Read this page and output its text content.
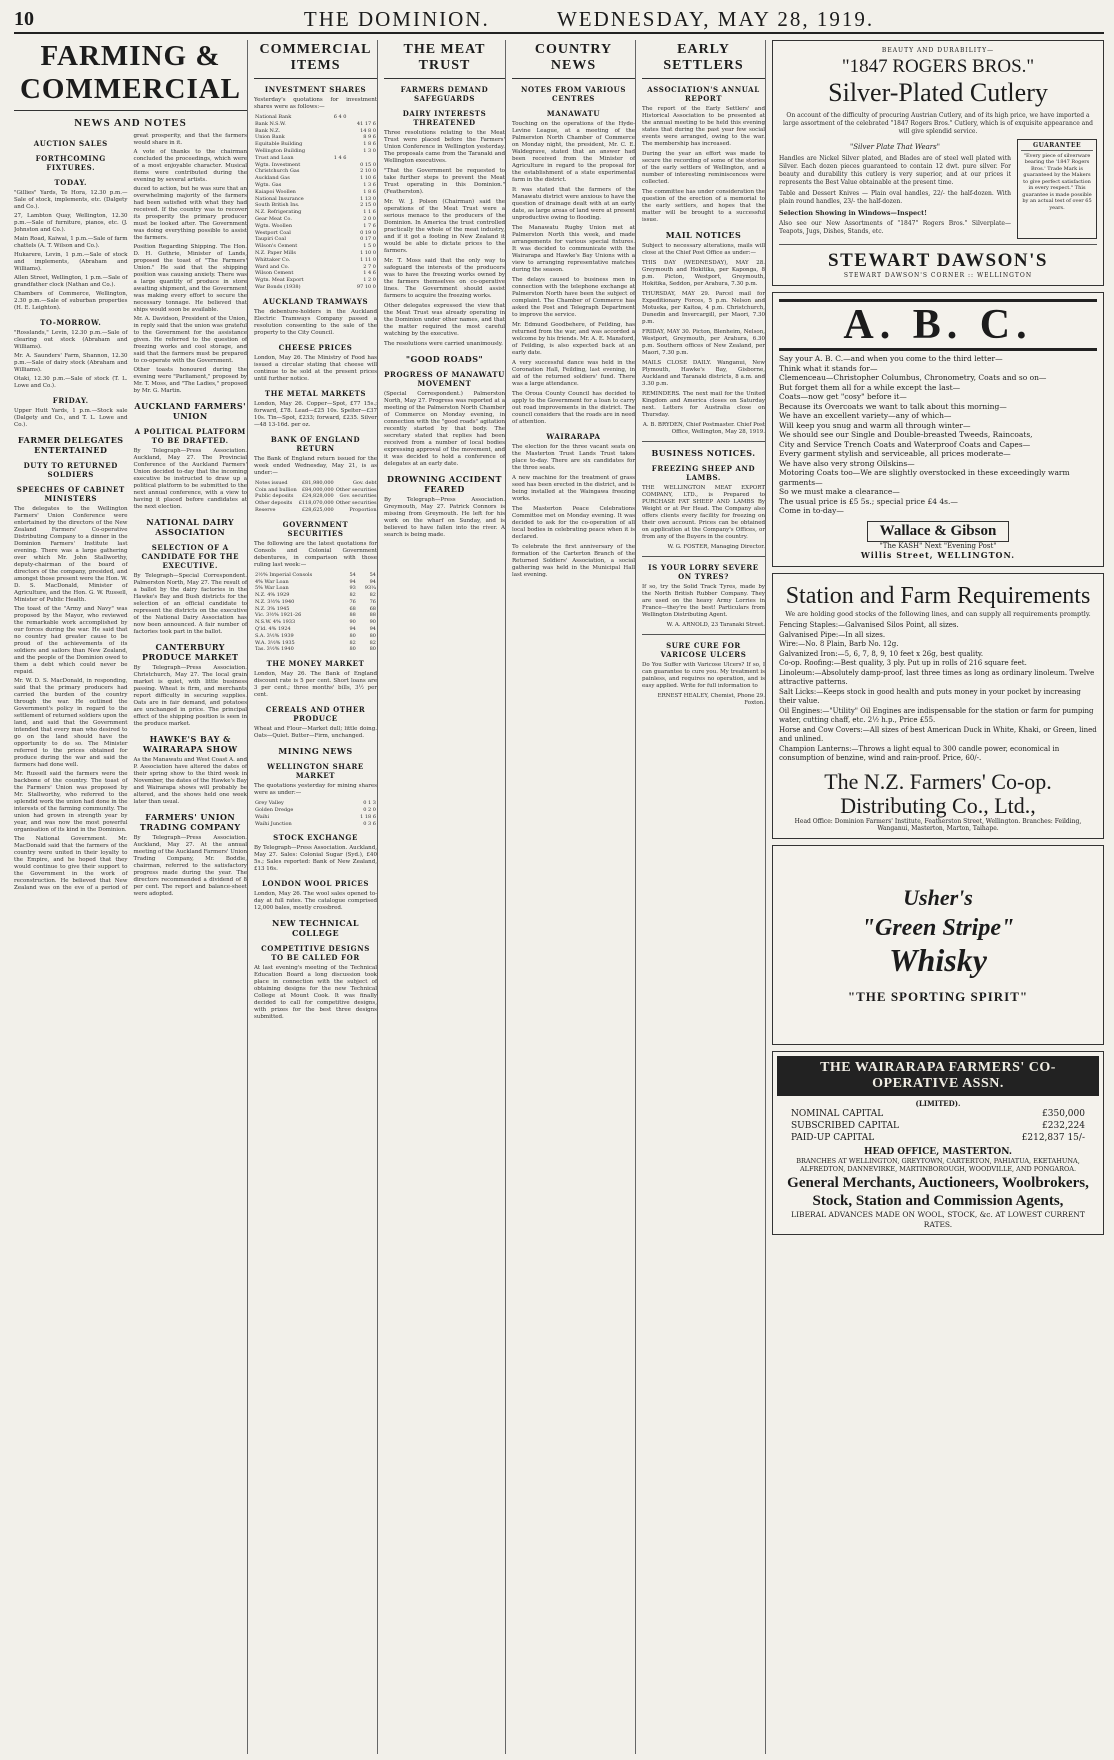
10	THE DOMINION.	WEDNESDAY, MAY 28, 1919.
FARMING & COMMERCIAL
NEWS AND NOTES
AUCTION SALES
FORTHCOMING FIXTURES.
TODAY.

"Gillies" Yards, Te Hora, 12.30 p.m.—Sale of stock, implements, etc. (Dalgety and Co.).

27, Lambton Quay, Wellington, 12.30 p.m.—Sale of furniture, pianos, etc. (J. Johnston and Co.).

Main Road, Kaiwai, 1 p.m.—Sale of farm chattels (A. T. Wilson and Co.).

Hukarere, Levin, 1 p.m.—Sale of stock and implements, (Abraham and Williams).

Allen Street, Wellington, 1 p.m.—Sale of grandfather clock (Nathan and Co.).

Chambers of Commerce, Wellington, 2.30 p.m.—Sale of suburban properties (H. E. Leighton).

TO-MORROW.

"Rosslands," Levin, 12.30 p.m.—Sale of clearing out stock (Abraham and Williams).

Mr. A. Saunders' Farm, Shannon, 12.30 p.m.—Sale of dairy stock (Abraham and Williams).

Otaki, 12.30 p.m.—Sale of stock (T. L. Lowe and Co.).

FRIDAY.

Upper Hutt Yards, 1 p.m.—Stock sale (Dalgety and Co., and T. L. Lowe and Co.).

FARMER DELEGATES ENTERTAINED
DUTY TO RETURNED SOLDIERS
SPEECHES OF CABINET MINISTERS

The delegates to the Wellington Farmers' Union Conference were entertained by the directors of the New Zealand Farmers' Co-operative Distributing Company to a dinner in the Dominion Farmers' Institute last evening. There was a large gathering over which Mr. John Stallworthy, deputy-chairman of the board of directors of the company, presided, and amongst those present were the Hon. W. D. S. MacDonald, Minister of Agriculture, and the Hon. G. W. Russell, Minister of Public Health.

The toast of the "Army and Navy" was proposed by the Mayor, who reviewed the remarkable work accomplished by our forces during the war. He said that no country had greater cause to be proud of the achievements of its soldiers and sailors than New Zealand, and the people of the Dominion owed to them a debt which could never be repaid.

Mr. W. D. S. MacDonald, in responding, said that the primary producers had carried the burden of the country through the war. He outlined the Government's policy in regard to the settlement of returned soldiers upon the land, and said that the Government intended that every man who desired to go on the land should have the opportunity to do so. The Minister referred to the prices obtained for produce during the war and said the farmers had done well.

Mr. Russell said the farmers were the backbone of the country. The toast of the Farmers' Union was proposed by Mr. Stallworthy, who referred to the splendid work the union had done in the interests of the farming community. The union had grown in strength year by year, and was now the most powerful organisation of its kind in the Dominion.

The National Government. Mr. MacDonald said that the farmers of the country were united in their loyalty to the Empire, and he hoped that they would continue to give their support to the Government in the work of reconstruction. He believed that New Zealand was on the eve of a period of great prosperity, and that the farmers would share in it.

A vote of thanks to the chairman concluded the proceedings, which were of a most enjoyable character. Musical items were contributed during the evening by several artists.

duced to action, but he was sure that an overwhelming majority of the farmers had been satisfied with what they had received. If the country was to recover its prosperity the primary producer must be looked after. The Government was doing everything possible to assist the farmers.

Position Regarding Shipping. The Hon. D. H. Guthrie, Minister of Lands, proposed the toast of "The Farmers' Union." He said that the shipping position was causing anxiety. There was a large quantity of produce in store awaiting shipment, and the Government was making every effort to secure the necessary tonnage. He believed that ships would soon be available.

Mr. A. Davidson, President of the Union, in reply said that the union was grateful to the Government for the assistance given. He referred to the question of freezing works and cool storage, and said that the farmers must be prepared to co-operate with the Government.

Other toasts honoured during the evening were "Parliament," proposed by Mr. T. Moss, and "The Ladies," proposed by Mr. G. Martin.

AUCKLAND FARMERS' UNION
A POLITICAL PLATFORM TO BE DRAFTED.

By Telegraph—Press Association. Auckland, May 27. The Provincial Conference of the Auckland Farmers' Union decided to-day that the incoming executive be instructed to draw up a political platform to be submitted to the next annual conference, with a view to having it placed before candidates at the next election.

NATIONAL DAIRY ASSOCIATION
SELECTION OF A CANDIDATE FOR THE EXECUTIVE.

By Telegraph—Special Correspondent. Palmerston North, May 27. The result of a ballot by the dairy factories in the Hawke's Bay and Bush districts for the selection of an official candidate to represent the districts on the executive of the National Dairy Association has now been announced. A fair number of factories took part in the ballot.

CANTERBURY PRODUCE MARKET

By Telegraph—Press Association. Christchurch, May 27. The local grain market is quiet, with little business passing. Wheat is firm, and merchants report difficulty in securing supplies. Oats are in fair demand, and potatoes are unchanged in price. The principal effect of the shipping position is seen in the produce market.

HAWKE'S BAY & WAIRARAPA SHOW

As the Manawatu and West Coast A. and P. Association have altered the dates of their spring show to the third week in November, the dates of the Hawke's Bay and Wairarapa shows will probably be altered, and the shows held one week later than usual.

FARMERS' UNION TRADING COMPANY

By Telegraph—Press Association. Auckland, May 27. At the annual meeting of the Auckland Farmers' Union Trading Company, Mr. Boddie, chairman, referred to the satisfactory progress made during the year. The directors recommended a dividend of 8 per cent. The report and balance-sheet were adopted.

COMMERCIAL ITEMS
INVESTMENT SHARES

Yesterday's quotations for investment shares were as follows:—

National Bank	6 4 0	
Bank N.S.W.		41 17 6
Bank N.Z.		14 8 0
Union Bank		8 9 6
Equitable Building		1 8 6
Wellington Building		1 3 0
Trust and Loan	1 4 6	
Wgtn. Investment		0 15 0
Christchurch Gas		2 10 0
Auckland Gas		1 10 6
Wgtn. Gas		1 3 6
Kaiapoi Woollen		1 8 6
National Insurance		1 13 0
South British Ins.		2 15 0
N.Z. Refrigerating		1 1 6
Gear Meat Co.		2 0 0
Wgtn. Woollen		1 7 6
Westport Coal		0 19 0
Taupiri Coal		0 17 0
Wilson's Cement		1 5 0
N.Z. Paper Mills		1 10 0
Whittaker Co.		1 11 0
Ward and Co.		2 7 0
Wilson Cement		1 4 6
Wgtn. Meat Export		1 2 0
War Bonds (1938)		97 10 0
AUCKLAND TRAMWAYS

The debenture-holders in the Auckland Electric Tramways Company passed a resolution consenting to the sale of the property to the City Council.

CHEESE PRICES

London, May 26. The Ministry of Food has issued a circular stating that cheese will continue to be sold at the present prices until further notice.

THE METAL MARKETS

London, May 26. Copper—Spot, £77 15s.; forward, £78. Lead—£25 10s. Spelter—£37 10s. Tin—Spot, £233; forward, £235. Silver—48 13-16d. per oz.

BANK OF ENGLAND RETURN

The Bank of England return issued for the week ended Wednesday, May 21, is as under:—

Notes issued	£81,980,000	Gov. debt	
Coin and bullion	£84,000,000	Other securities	
Public deposits	£24,828,000	Gov. securities	
Other deposits	£118,070,000	Other securities	
Reserve	£28,625,000	Proportion	
GOVERNMENT SECURITIES

The following are the latest quotations for Consols and Colonial Government debentures, in comparison with those ruling last week:—

2½% Imperial Consols	54	54
4% War Loan	94	94
5% War Loan	93	93¼
N.Z. 4% 1929	82	82
N.Z. 3½% 1940	76	76
N.Z. 3% 1945	68	68
Vic. 3½% 1921-26	88	88
N.S.W. 4% 1933	90	90
Q'ld. 4% 1924	94	94
S.A. 3½% 1939	80	80
W.A. 3½% 1935	82	82
Tas. 3½% 1940	80	80
THE MONEY MARKET

London, May 26. The Bank of England discount rate is 5 per cent. Short loans are 3 per cent.; three months' bills, 3½ per cent.

CEREALS AND OTHER PRODUCE

Wheat and Flour—Market dull; little doing. Oats—Quiet. Butter—Firm, unchanged.

MINING NEWS
WELLINGTON SHARE MARKET

The quotations yesterday for mining shares were as under:—

Grey Valley		0 1 3
Golden Dredge		0 2 0
Waihi		1 18 6
Waihi Junction		0 3 6
STOCK EXCHANGE

By Telegraph—Press Association. Auckland, May 27. Sales: Colonial Sugar (Syd.), £40 5s.; Sales reported: Bank of New Zealand, £13 16s.

LONDON WOOL PRICES

London, May 26. The wool sales opened to-day at full rates. The catalogue comprised 12,000 bales, mostly crossbred.

NEW TECHNICAL COLLEGE
COMPETITIVE DESIGNS TO BE CALLED FOR

At last evening's meeting of the Technical Education Board a long discussion took place in connection with the subject of obtaining designs for the new Technical College at Mount Cook. It was finally decided to call for competitive designs, with prizes for the best three designs submitted.

THE MEAT TRUST
FARMERS DEMAND SAFEGUARDS
DAIRY INTERESTS THREATENED

Three resolutions relating to the Meat Trust were placed before the Farmers' Union Conference in Wellington yesterday. The proposals came from the Taranaki and Wellington executives.

"That the Government be requested to take further steps to prevent the Meat Trust operating in this Dominion." (Featherston).

Mr. W. J. Polson (Chairman) said the operations of the Meat Trust were a serious menace to the producers of the Dominion. In America the trust controlled practically the whole of the meat industry, and if it got a footing in New Zealand it would be able to dictate prices to the farmers.

Mr. T. Moss said that the only way to safeguard the interests of the producers was to have the freezing works owned by the farmers themselves on co-operative lines. The Government should assist farmers to acquire the freezing works.

Other delegates expressed the view that the Meat Trust was already operating in the Dominion under other names, and that the matter required the most careful watching by the executive.

The resolutions were carried unanimously.

"GOOD ROADS"
PROGRESS OF MANAWATU MOVEMENT

(Special Correspondent.) Palmerston North, May 27. Progress was reported at a meeting of the Palmerston North Chamber of Commerce on Monday evening, in connection with the "good roads" agitation recently started by that body. The secretary stated that replies had been received from a number of local bodies expressing approval of the movement, and it was decided to hold a conference of delegates at an early date.

DROWNING ACCIDENT FEARED

By Telegraph—Press Association. Greymouth, May 27. Patrick Connors is missing from Greymouth. He left for his work on the wharf on Sunday, and is believed to have fallen into the river. A search is being made.

COUNTRY NEWS
NOTES FROM VARIOUS CENTRES
MANAWATU

Touching on the operations of the Hyde-Levine League, at a meeting of the Palmerston North Chamber of Commerce on Monday night, the president, Mr. C. E. Waldegrave, stated that an answer had been received from the Minister of Agriculture in regard to the proposal for the establishment of a state experimental farm in the district.

It was stated that the farmers of the Manawatu district were anxious to have the question of drainage dealt with at an early date, as large areas of land were at present unproductive owing to flooding.

The Manawatu Rugby Union met at Palmerston North this week, and made arrangements for various special fixtures. It was decided to communicate with the Wairarapa and Hawke's Bay Unions with a view to arranging representative matches during the season.

The delays caused to business men in connection with the telephone exchange at Palmerston North have been the subject of complaint. The Chamber of Commerce has asked the Post and Telegraph Department to improve the service.

Mr. Edmund Goodbehere, of Feilding, has returned from the war, and was accorded a welcome by his friends. Mr. A. E. Mansford, of Feilding, is also expected back at an early date.

A very successful dance was held in the Coronation Hall, Feilding, last evening, in aid of the returned soldiers' fund. There was a large attendance.

The Oroua County Council has decided to apply to the Government for a loan to carry out road improvements in the district. The council considers that the roads are in need of attention.

WAIRARAPA

The election for the three vacant seats on the Masterton Trust Lands Trust takes place to-day. There are six candidates for the three seats.

A new machine for the treatment of grass seed has been erected in the district, and is being installed at the Waingawa freezing works.

The Masterton Peace Celebrations Committee met on Monday evening. It was decided to ask for the co-operation of all local bodies in celebrating peace when it is declared.

To celebrate the first anniversary of the formation of the Carterton Branch of the Returned Soldiers' Association, a social gathering was held in the Municipal Hall last evening.

EARLY SETTLERS
ASSOCIATION'S ANNUAL REPORT

The report of the Early Settlers' and Historical Association to be presented at the annual meeting to be held this evening states that during the past year few social events were arranged, owing to the war. The membership has increased.

During the year an effort was made to secure the recording of some of the stories of the early settlers of Wellington, and a number of interesting reminiscences were collected.

The committee has under consideration the question of the erection of a memorial to the early settlers, and hopes that the matter will be brought to a successful issue.

MAIL NOTICES

Subject to necessary alterations, mails will close at the Chief Post Office as under:—

THIS DAY (WEDNESDAY), MAY 28. Greymouth and Hokitika, per Kaponga, 8 p.m. Picton, Westport, Greymouth, Hokitika, Seddon, per Arahura, 7.30 p.m.

THURSDAY, MAY 29. Parcel mail for Expeditionary Forces, 5 p.m. Nelson and Motueka, per Kaitoa, 4 p.m. Christchurch, Dunedin and Invercargill, per Maori, 7.30 p.m.

FRIDAY, MAY 30. Picton, Blenheim, Nelson, Westport, Greymouth, per Arahura, 6.30 p.m. Southern offices of New Zealand, per Maori, 7.30 p.m.

MAILS CLOSE DAILY. Wanganui, New Plymouth, Hawke's Bay, Gisborne, Auckland and Taranaki districts, 8 a.m. and 3.30 p.m.

REMINDERS. The next mail for the United Kingdom and America closes on Saturday next. Letters for Australia close on Thursday.

A. B. BRYDEN, Chief Postmaster. Chief Post Office, Wellington, May 28, 1919.

BUSINESS NOTICES.
FREEZING SHEEP AND LAMBS.

THE WELLINGTON MEAT EXPORT COMPANY, LTD., is Prepared to PURCHASE FAT SHEEP AND LAMBS By Weight or at Per Head. The Company also offers clients every facility for freezing on their own account. Prices can be obtained on application at the Company's Offices, or from any of the Buyers in the country.

W. G. FOSTER, Managing Director.

IS YOUR LORRY SEVERE ON TYRES?

If so, try the Solid Track Tyres, made by the North British Rubber Company. They are used on the heavy Army Lorries in France—they're the best! Particulars from Wellington Distributing Agent.

W. A. ARNOLD, 23 Taranaki Street.

SURE CURE FOR VARICOSE ULCERS

Do You Suffer with Varicose Ulcers? If so, I can guarantee to cure you. My treatment is painless, and requires no operation, and is easy applied. Write for full information to

ERNEST HEALEY, Chemist, Phone 29. Foxton.

BEAUTY AND DURABILITY—
"1847 ROGERS BROS."
Silver-Plated Cutlery

On account of the difficulty of procuring Austrian Cutlery, and of its high price, we have imported a large assortment of the celebrated "1847 Rogers Bros." Cutlery, which is of exquisite appearance and will give splendid service.

"Silver Plate That Wears"

Handles are Nickel Silver plated, and Blades are of steel well plated with Silver. Each dozen pieces guaranteed to contain 12 dwt. pure silver. For beauty and durability this cutlery is very superior, and at our prices it represents the Best Value obtainable at the present time.

Table and Dessert Knives — Plain oval handles, 22/- the half-dozen. With plain round handles, 23/- the half-dozen.

Selection Showing in Windows—Inspect!

Also see our New Assortments of "1847" Rogers Bros." Silverplate—Teapots, Jugs, Dishes, Stands, etc.

GUARANTEE
"Every piece of silverware bearing the '1847 Rogers Bros.' Trade Mark is guaranteed by the Makers to give perfect satisfaction in every respect." This guarantee is made possible by an actual test of over 65 years.
STEWART DAWSON'S
STEWART DAWSON'S CORNER :: WELLINGTON
A. B. C.
Say your A. B. C.—and when you come to the third letter—
Think what it stands for—
Clemenceau—Christopher Columbus, Chronometry, Coats and so on—
But forget them all for a while except the last—
Coats—now get "cosy" before it—
Because its Overcoats we want to talk about this morning—
We have an excellent variety—any of which—
Will keep you snug and warm all through winter—
We should see our Single and Double-breasted Tweeds, Raincoats,
City and Service Trench Coats and Waterproof Coats and Capes—
Every garment stylish and serviceable, all prices moderate—
We have also very strong Oilskins—
Motoring Coats too—We are slightly overstocked in these exceedingly warm garments—
So we must make a clearance—
The usual price is £5 5s.; special price £4 4s.—
Come in to-day—
Wallace & Gibson
"The KASH" Next "Evening Post"
Willis Street, WELLINGTON.
Station and Farm Requirements

We are holding good stocks of the following lines, and can supply all requirements promptly.

Fencing Staples:—Galvanised Silos Point, all sizes.
Galvanised Pipe:—In all sizes.
Wire:—No. 8 Plain, Barb No. 12g.
Galvanized Iron:—5, 6, 7, 8, 9, 10 feet x 26g, best quality.
Co-op. Roofing:—Best quality, 3 ply. Put up in rolls of 216 square feet.
Linoleum:—Absolutely damp-proof, last three times as long as ordinary linoleum. Twelve attractive patterns.
Salt Licks:—Keeps stock in good health and puts money in your pocket by increasing their value.
Oil Engines:—"Utility" Oil Engines are indispensable for the station or farm for pumping water, cutting chaff, etc. 2½ h.p., Price £55.
Horse and Cow Covers:—All sizes of best American Duck in White, Khaki, or Green, lined and unlined.
Champion Lanterns:—Throws a light equal to 300 candle power, economical in consumption of benzine, wind and rain-proof. Price, 60/-.
The N.Z. Farmers' Co-op. Distributing Co., Ltd.,
Head Office: Dominion Farmers' Institute, Featherston Street, Wellington. Branches: Feilding, Wanganui, Masterton, Marton, Taihape.
Usher's
"Green Stripe"
Whisky
"THE SPORTING SPIRIT"
THE WAIRARAPA FARMERS' CO-OPERATIVE ASSN.
(LIMITED).
NOMINAL CAPITAL	£350,000
SUBSCRIBED CAPITAL	£232,224
PAID-UP CAPITAL	£212,837 15/-
HEAD OFFICE, MASTERTON.
BRANCHES AT WELLINGTON, GREYTOWN, CARTERTON, PAHIATUA, EKETAHUNA, ALFREDTON, DANNEVIRKE, MARTINBOROUGH, WOODVILLE, AND PONGAROA.
General Merchants, Auctioneers, Woolbrokers, Stock, Station and Commission Agents,
LIBERAL ADVANCES MADE ON WOOL, STOCK, &c. AT LOWEST CURRENT RATES.
